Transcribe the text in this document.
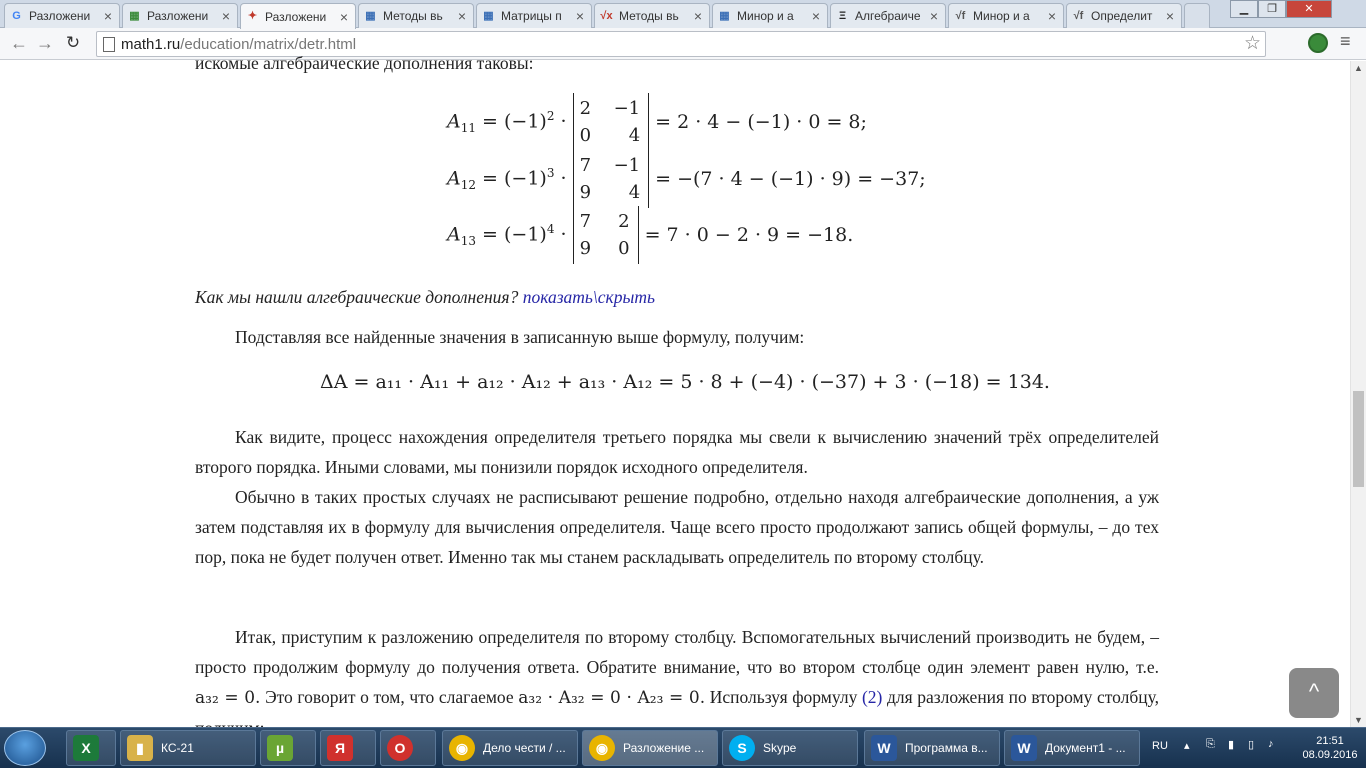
G Разложени × ▦ Разложени × ✦ Разложени × ▦ Методы вь	× ▦ Матрицы п	× √x Методы вь	× ▦ Минор и а	×	Ξ Алгебраиче × √f Минор и а	× √f Определит ×	▁	❐	✕
← → ↻	math1.ru/education/matrix/detr.html	☆	≡
искомые алгебраические дополнения таковы:
$A_{11} = (-1)^2$ ·
2 −1
0 4
= 2 · 4 − (−1) · 0 = 8;
$A_{12} = (-1)^3$ ·
7 −1
9 4
= −(7 · 4 − (−1) · 9) = −37;
$A_{13} = (-1)^4$ ·
7 2
9 0
= 7 · 0 − 2 · 9 = −18.
Как мы нашли алгебраические дополнения? показать\скрыть
Подставляя все найденные значения в записанную выше формулу, получим:
ΔA = a₁₁ · A₁₁ + a₁₂ · A₁₂ + a₁₃ · A₁₂ = 5 · 8 + (−4) · (−37) + 3 · (−18) = 134.
Как видите, процесс нахождения определителя третьего порядка мы свели к вычислению значений трёх определителей второго порядка. Иными словами, мы понизили порядок исходного определителя.
Обычно в таких простых случаях не расписывают решение подробно, отдельно находя алгебраические дополнения, а уж затем подставляя их в формулу для вычисления определителя. Чаще всего просто продолжают запись общей формулы, – до тех пор, пока не будет получен ответ. Именно так мы станем раскладывать определитель по второму столбцу.
Итак, приступим к разложению определителя по второму столбцу. Вспомогательных вычислений производить не будем, – просто продолжим формулу до получения ответа. Обратите внимание, что во втором столбце один элемент равен нулю, т.е. a₃₂ = 0. Это говорит о том, что слагаемое a₃₂ · A₃₂ = 0 · A₂₃ = 0. Используя формулу (2) для разложения по второму столбцу,
▲
▼
^
X	▮	КС-21	µ	Я	O	◉	Дело чести / ...	◉	Разложение ...	S	Skype	W	Программа в...	W	Документ1 - ... RU ▴ ⎘ ▮ ▯ ♪	21:51
08.09.2016
